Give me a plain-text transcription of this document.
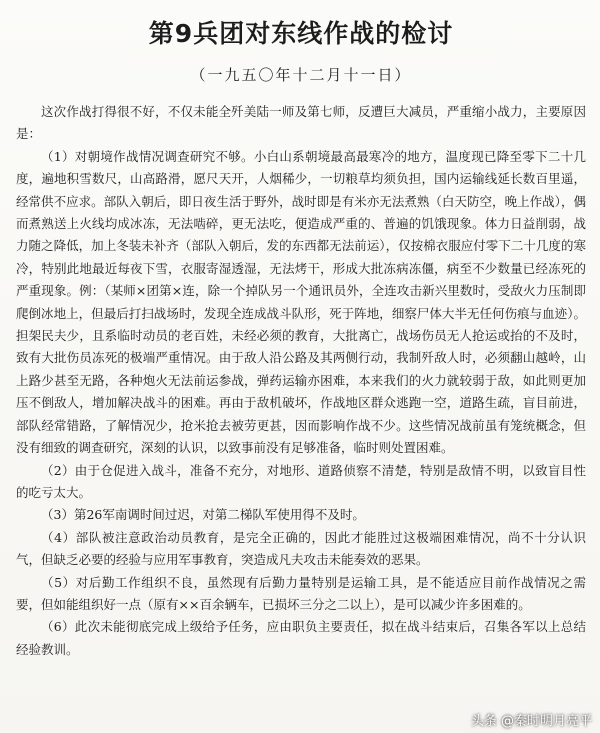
第9兵团对东线作战的检讨
（一九五〇年十二月十一日）

这次作战打得很不好，不仅未能全歼美陆一师及第七师，反遭巨大减员，严重缩小战力，主要原因是：

（1）对朝境作战情况调查研究不够。小白山系朝境最高最寒冷的地方，温度现已降至零下二十几度，遍地积雪数尺，山高路滑，愿尺天开，人烟稀少，一切粮草均须负担，国内运输线延长数百里遥，经常供不应求。部队入朝后，即日夜生活于野外，战时即是有米亦无法煮熟（白天防空，晚上作战），偶而煮熟送上火线均成冰冻，无法啮碎，更无法吃，便造成严重的、普遍的饥饿现象。体力日益削弱，战力随之降低，加上冬装未补齐（部队入朝后，发的东西都无法前运），仅按棉衣服应付零下二十几度的寒冷，特别此地最近每夜下雪，衣服寄湿透湿，无法烤干，形成大批冻病冻僵，病至不少数量已经冻死的严重现象。例：（某师×团第×连，除一个掉队另一个通讯员外，全连攻击新兴里数时，受敌火力压制即爬倒冰地上，但最后打扫战场时，发现全连成战斗队形，死于阵地，细察尸体大半无任何伤痕与血迹）。担架民夫少，且系临时动员的老百姓，未经必须的教育，大批离亡，战场伤员无人抢运或抬的不及时，致有大批伤员冻死的极端严重情况。由于敌人沿公路及其两侧行动，我制歼敌人时，必须翻山越岭，山上路少甚至无路，各种炮火无法前运参战，弹药运输亦困难，本来我们的火力就较弱于敌，如此则更加压不倒敌人，增加解决战斗的困难。再由于敌机破坏，作战地区群众逃跑一空，道路生疏，盲目前进，部队经常错路，了解情况少，抢米抢去被劳更甚，因而影响作战不少。这些情况战前虽有笼统概念，但没有细致的调查研究，深刻的认识，以致事前没有足够准备，临时则处置困难。

（2）由于仓促进入战斗，准备不充分，对地形、道路侦察不清楚，特别是敌情不明，以致盲目性的吃亏太大。

（3）第26军南调时间过迟，对第二梯队军使用得不及时。

（4）部队被注意政治动员教育，是完全正确的，因此才能胜过这极端困难情况，尚不十分认识气，但缺乏必要的经验与应用军事教育，突造成凡夫攻击未能奏效的恶果。

（5）对后勤工作组织不良，虽然现有后勤力量特别是运输工具，是不能适应目前作战情况之需要，但如能组织好一点（原有××百余辆车，已损坏三分之二以上），是可以减少许多困难的。

（6）此次未能彻底完成上级给予任务，应由职负主要责任，拟在战斗结束后，召集各军以上总结经验教训。

头条 @秦时明月亮平
